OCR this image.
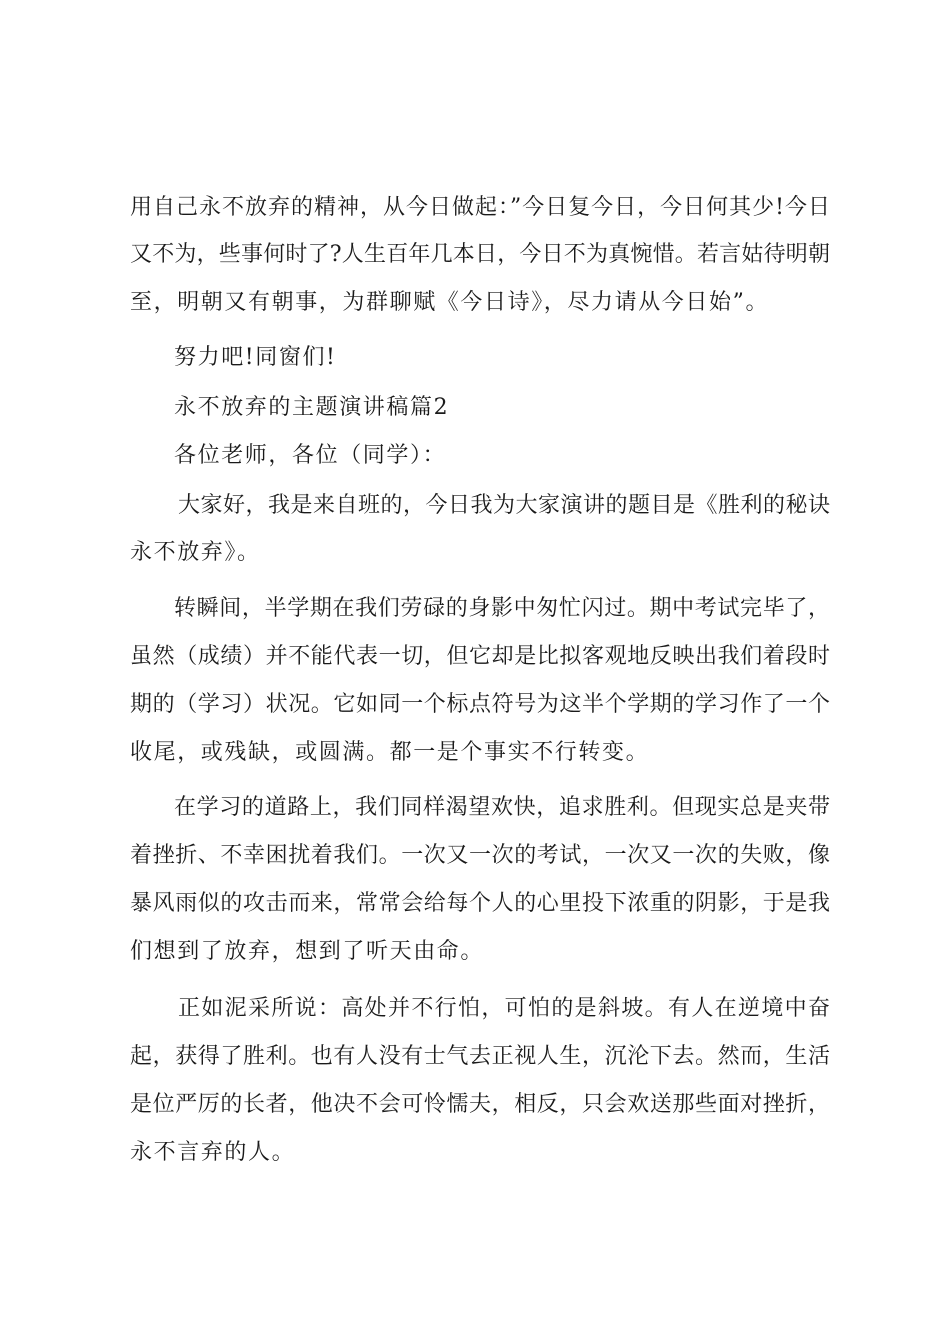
用自己永不放弃的精神，从今日做起：”今日复今日，今日何其少!今日

又不为，些事何时了?人生百年几本日，今日不为真惋惜。若言姑待明朝

至，明朝又有朝事，为群聊赋《今日诗》，尽力请从今日始”。

努力吧!同窗们!

永不放弃的主题演讲稿篇2

各位老师，各位（同学）：

大家好，我是来自班的，今日我为大家演讲的题目是《胜利的秘诀

永不放弃》。

转瞬间，半学期在我们劳碌的身影中匆忙闪过。期中考试完毕了，

虽然（成绩）并不能代表一切，但它却是比拟客观地反映出我们着段时

期的（学习）状况。它如同一个标点符号为这半个学期的学习作了一个

收尾，或残缺，或圆满。都一是个事实不行转变。

在学习的道路上，我们同样渴望欢快，追求胜利。但现实总是夹带

着挫折、不幸困扰着我们。一次又一次的考试，一次又一次的失败，像

暴风雨似的攻击而来，常常会给每个人的心里投下浓重的阴影，于是我

们想到了放弃，想到了听天由命。

正如泥采所说：高处并不行怕，可怕的是斜坡。有人在逆境中奋

起，获得了胜利。也有人没有士气去正视人生，沉沦下去。然而，生活

是位严厉的长者，他决不会可怜懦夫，相反，只会欢送那些面对挫折，

永不言弃的人。
